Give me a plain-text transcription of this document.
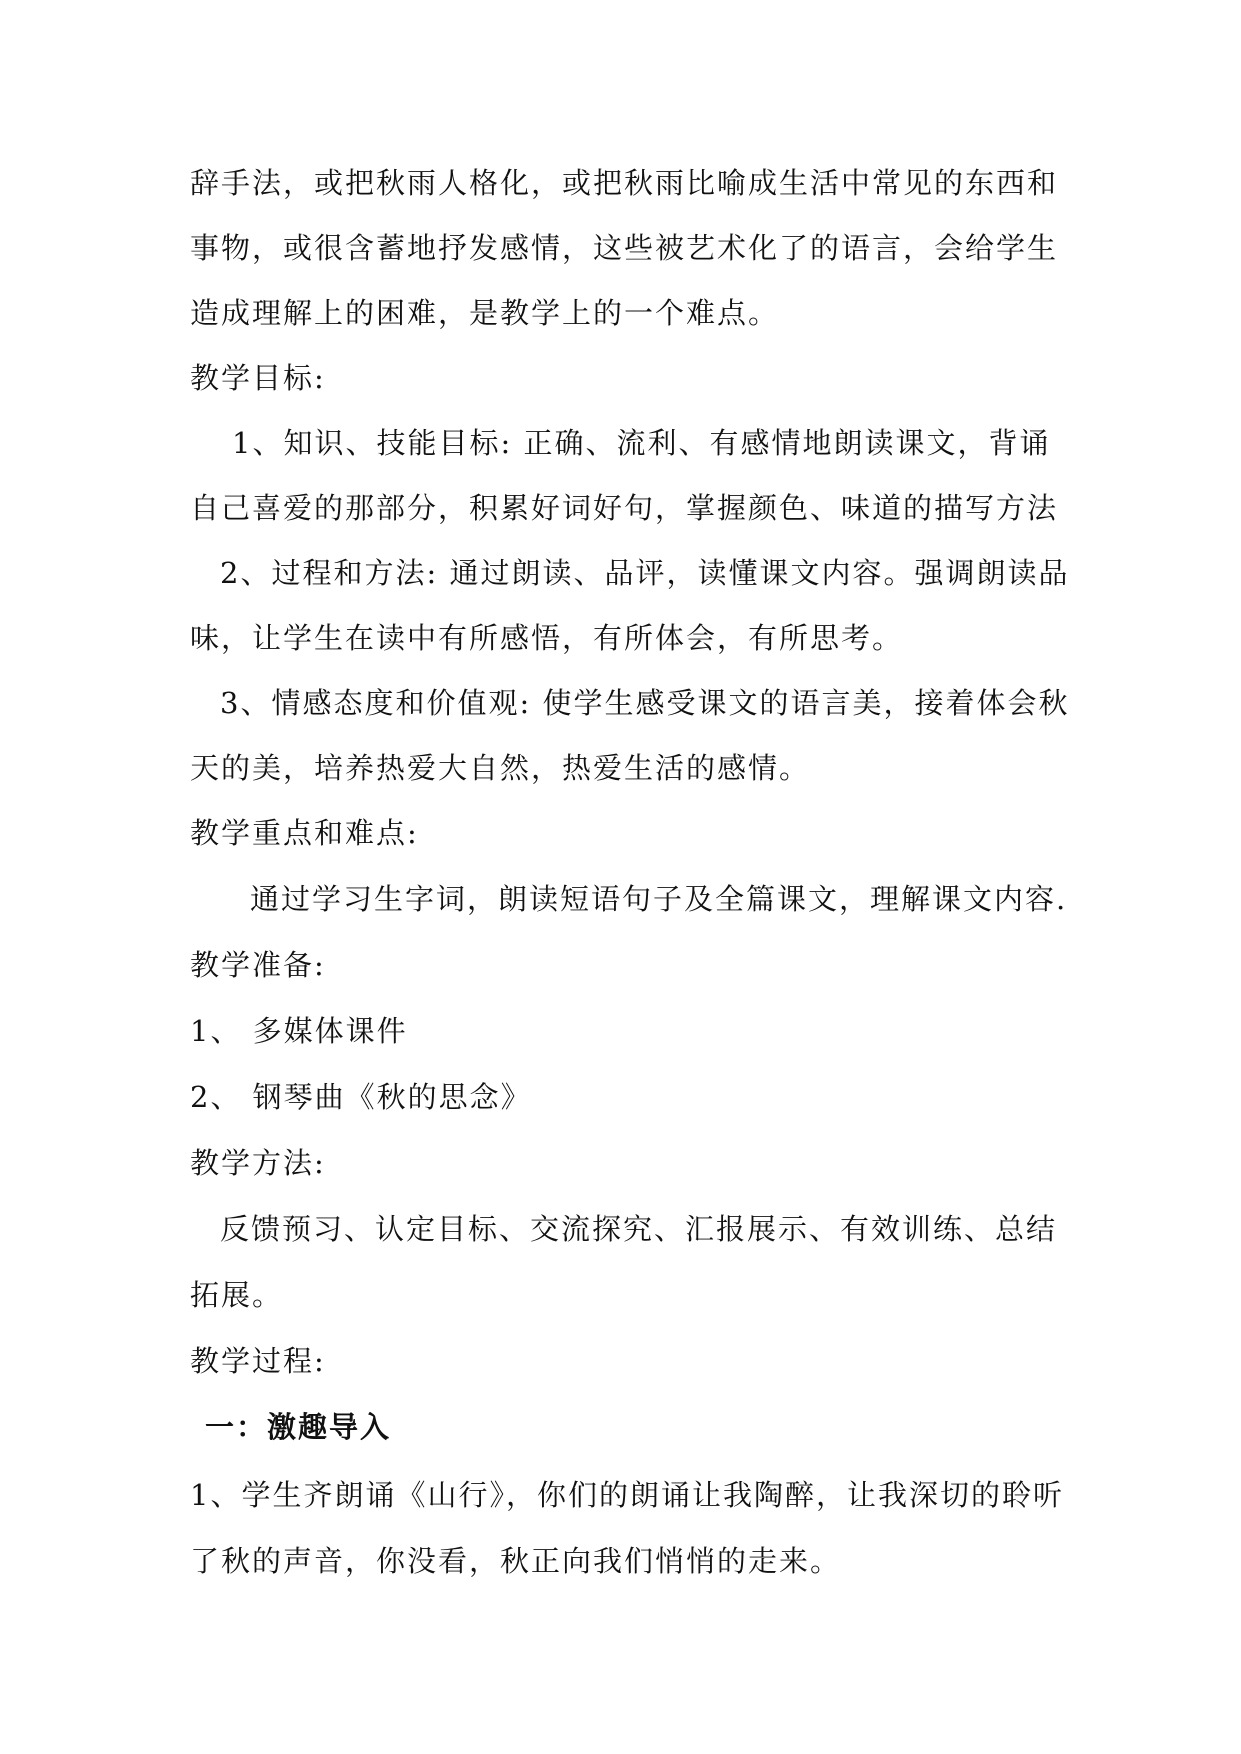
辞手法，或把秋雨人格化，或把秋雨比喻成生活中常见的东西和
事物，或很含蓄地抒发感情，这些被艺术化了的语言，会给学生
造成理解上的困难，是教学上的一个难点。
教学目标:
1、知识、技能目标: 正确、流利、有感情地朗读课文，背诵
自己喜爱的那部分，积累好词好句，掌握颜色、味道的描写方法
2、过程和方法: 通过朗读、品评，读懂课文内容。强调朗读品
味，让学生在读中有所感悟，有所体会，有所思考。
3、情感态度和价值观: 使学生感受课文的语言美，接着体会秋
天的美，培养热爱大自然，热爱生活的感情。
教学重点和难点:
通过学习生字词，朗读短语句子及全篇课文，理解课文内容.
教学准备:
1、 多媒体课件
2、 钢琴曲《秋的思念》
教学方法:
反馈预习、认定目标、交流探究、汇报展示、有效训练、总结
拓展。
教学过程:
一：激趣导入
1、学生齐朗诵《山行》，你们的朗诵让我陶醉，让我深切的聆听
了秋的声音，你没看，秋正向我们悄悄的走来。
